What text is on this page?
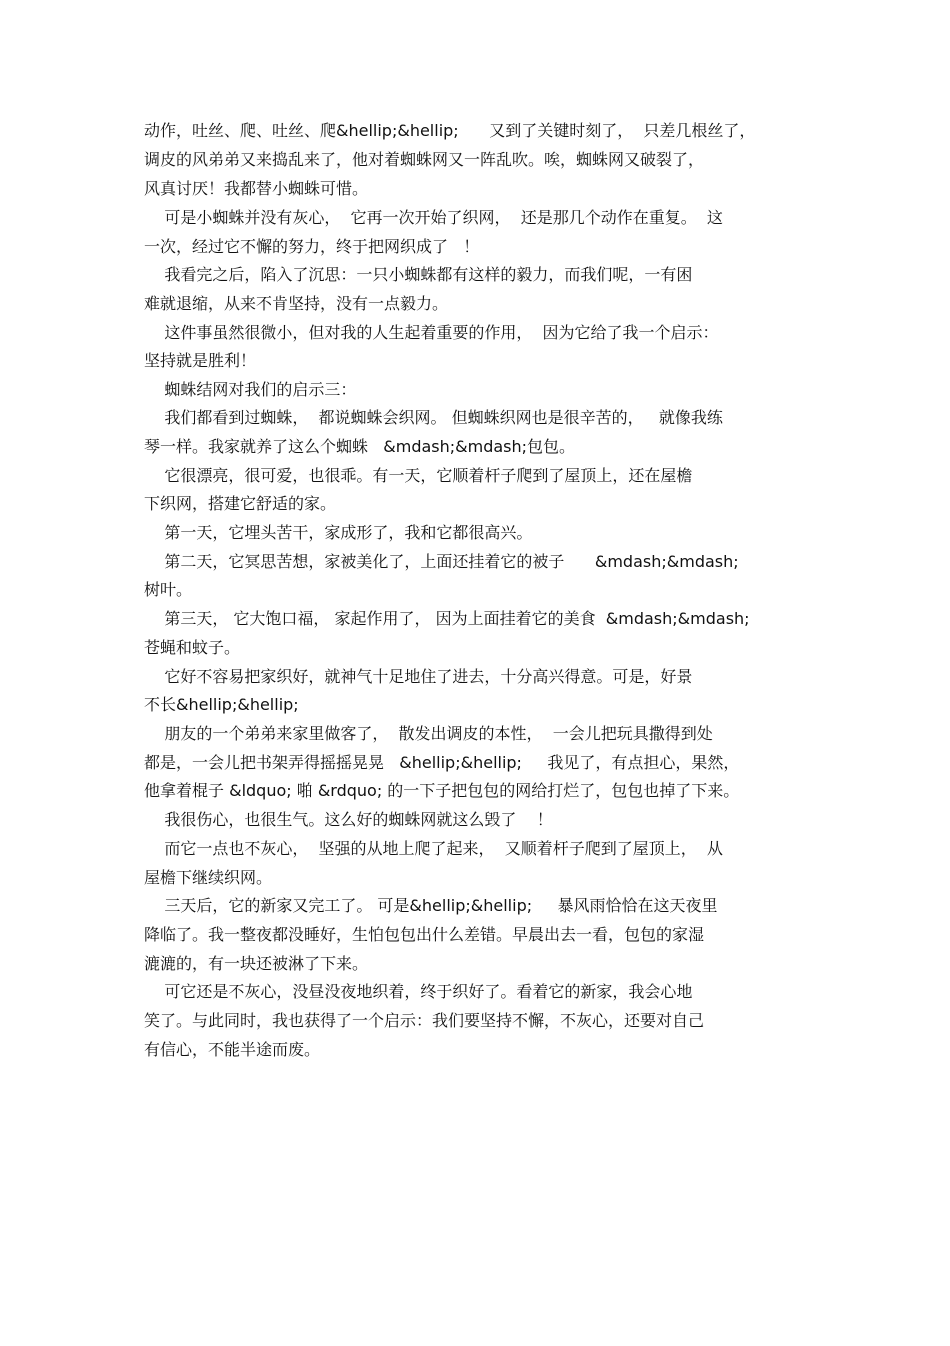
动作，吐丝、爬、吐丝、爬&hellip;&hellip;      又到了关键时刻了，  只差几根丝了，
调皮的风弟弟又来捣乱来了，他对着蜘蛛网又一阵乱吹。唉，蜘蛛网又破裂了，
风真讨厌！我都替小蜘蛛可惜。
可是小蜘蛛并没有灰心，  它再一次开始了织网，  还是那几个动作在重复。  这
一次，经过它不懈的努力，终于把网织成了   ！
我看完之后，陷入了沉思：一只小蜘蛛都有这样的毅力，而我们呢，一有困
难就退缩，从来不肯坚持，没有一点毅力。
这件事虽然很微小，但对我的人生起着重要的作用，  因为它给了我一个启示：
坚持就是胜利！
蜘蛛结网对我们的启示三：
我们都看到过蜘蛛，  都说蜘蛛会织网。 但蜘蛛织网也是很辛苦的，   就像我练
琴一样。我家就养了这么个蜘蛛   &mdash;&mdash;包包。
它很漂亮，很可爱，也很乖。有一天，它顺着杆子爬到了屋顶上，还在屋檐
下织网，搭建它舒适的家。
第一天，它埋头苦干，家成形了，我和它都很高兴。
第二天，它冥思苦想，家被美化了，上面还挂着它的被子      &mdash;&mdash;
树叶。
第三天， 它大饱口福， 家起作用了， 因为上面挂着它的美食  &mdash;&mdash;
苍蝇和蚊子。
它好不容易把家织好，就神气十足地住了进去，十分高兴得意。可是，好景
不长&hellip;&hellip;
朋友的一个弟弟来家里做客了，  散发出调皮的本性，  一会儿把玩具撒得到处
都是，一会儿把书架弄得摇摇晃晃   &hellip;&hellip;     我见了，有点担心，果然，
他拿着棍子 &ldquo; 啪 &rdquo; 的一下子把包包的网给打烂了，包包也掉了下来。
我很伤心，也很生气。这么好的蜘蛛网就这么毁了    ！
而它一点也不灰心，  坚强的从地上爬了起来，  又顺着杆子爬到了屋顶上，  从
屋檐下继续织网。
三天后，它的新家又完工了。 可是&hellip;&hellip;     暴风雨恰恰在这天夜里
降临了。我一整夜都没睡好，生怕包包出什么差错。早晨出去一看，包包的家湿
漉漉的，有一块还被淋了下来。
可它还是不灰心，没昼没夜地织着，终于织好了。看着它的新家，我会心地
笑了。与此同时，我也获得了一个启示：我们要坚持不懈，不灰心，还要对自己
有信心，不能半途而废。
